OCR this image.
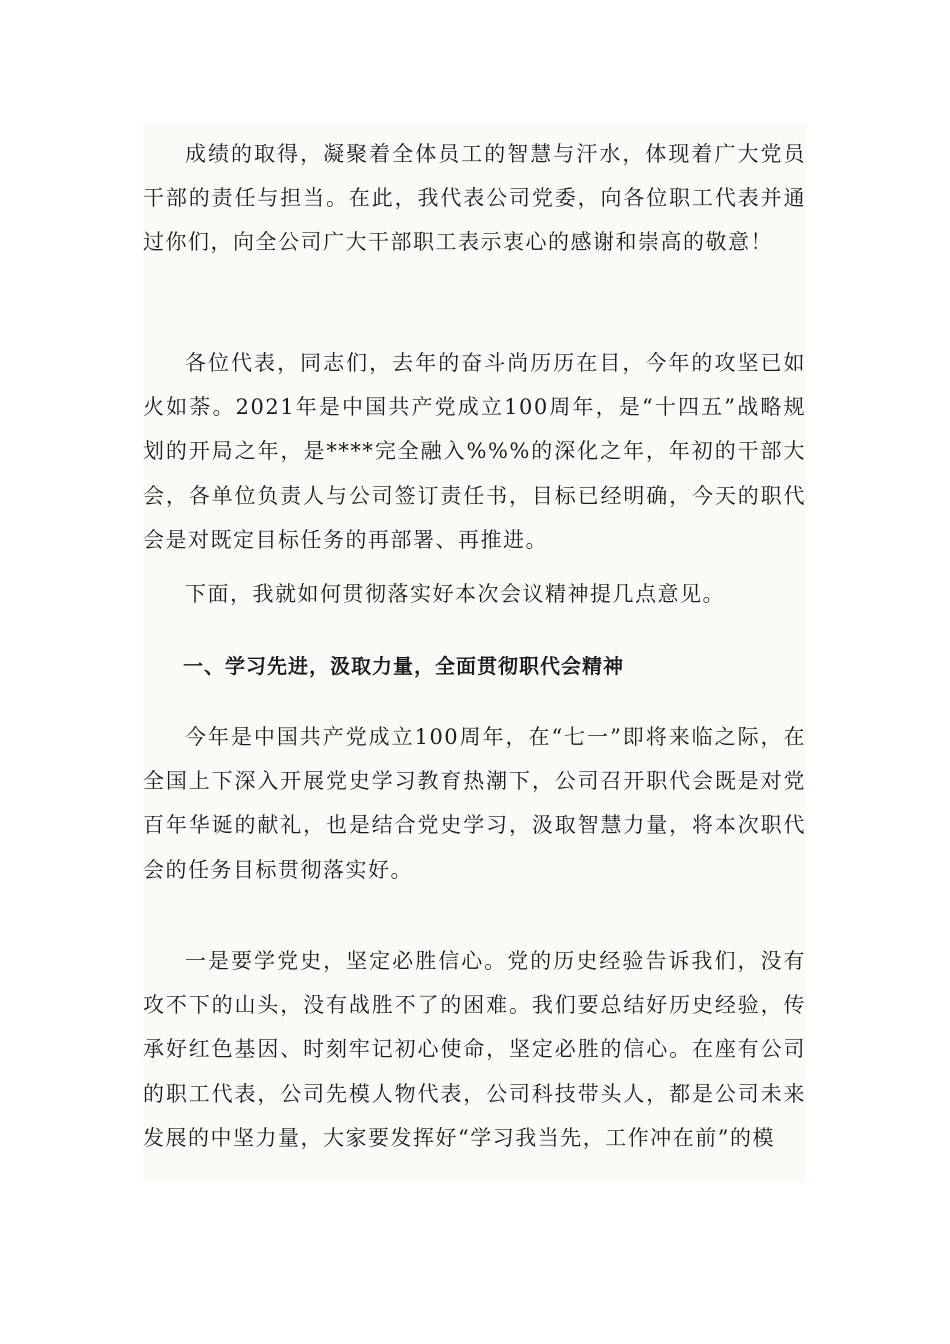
成绩的取得，凝聚着全体员工的智慧与汗水，体现着广大党员干部的责任与担当。在此，我代表公司党委，向各位职工代表并通过你们，向全公司广大干部职工表示衷心的感谢和崇高的敬意！

各位代表，同志们，去年的奋斗尚历历在目，今年的攻坚已如火如荼。2021年是中国共产党成立100周年，是“十四五”战略规划的开局之年，是****完全融入%%%的深化之年，年初的干部大会，各单位负责人与公司签订责任书，目标已经明确，今天的职代会是对既定目标任务的再部署、再推进。

下面，我就如何贯彻落实好本次会议精神提几点意见。

一、学习先进，汲取力量，全面贯彻职代会精神

今年是中国共产党成立100周年，在“七一”即将来临之际，在全国上下深入开展党史学习教育热潮下，公司召开职代会既是对党百年华诞的献礼，也是结合党史学习，汲取智慧力量，将本次职代会的任务目标贯彻落实好。

一是要学党史，坚定必胜信心。党的历史经验告诉我们，没有攻不下的山头，没有战胜不了的困难。我们要总结好历史经验，传承好红色基因、时刻牢记初心使命，坚定必胜的信心。在座有公司的职工代表，公司先模人物代表，公司科技带头人，都是公司未来发展的中坚力量，大家要发挥好“学习我当先，工作冲在前”的模
